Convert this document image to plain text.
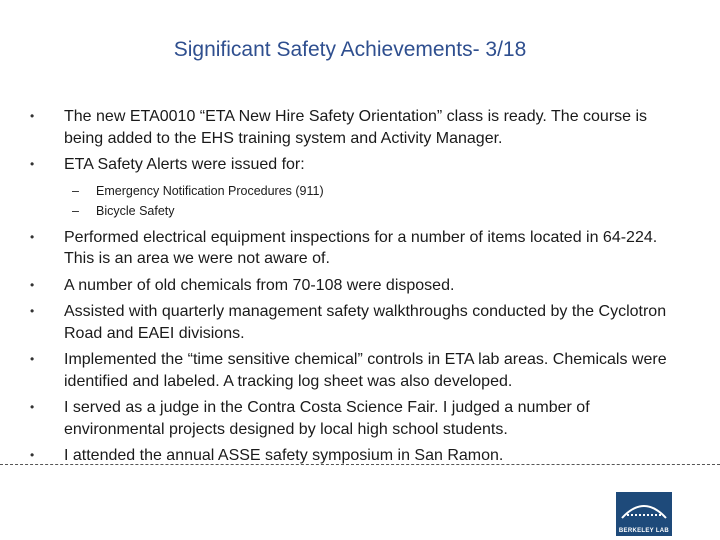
Significant Safety Achievements- 3/18
• The new ETA0010 “ETA New Hire Safety Orientation” class is ready. The course is being added to the EHS training system and Activity Manager.
• ETA Safety Alerts were issued for:
– Emergency Notification Procedures (911)
– Bicycle Safety
• Performed electrical equipment inspections for a number of items located in 64-224. This is an area we were not aware of.
• A number of old chemicals from 70-108 were disposed.
• Assisted with quarterly management safety walkthroughs conducted by the Cyclotron Road and EAEI divisions.
• Implemented the “time sensitive chemical” controls in ETA lab areas. Chemicals were identified and labeled. A tracking log sheet was also developed.
• I served as a judge in the Contra Costa Science Fair. I judged a number of environmental projects designed by local high school students.
• I attended the annual ASSE safety symposium in San Ramon.
BERKELEY LAB
